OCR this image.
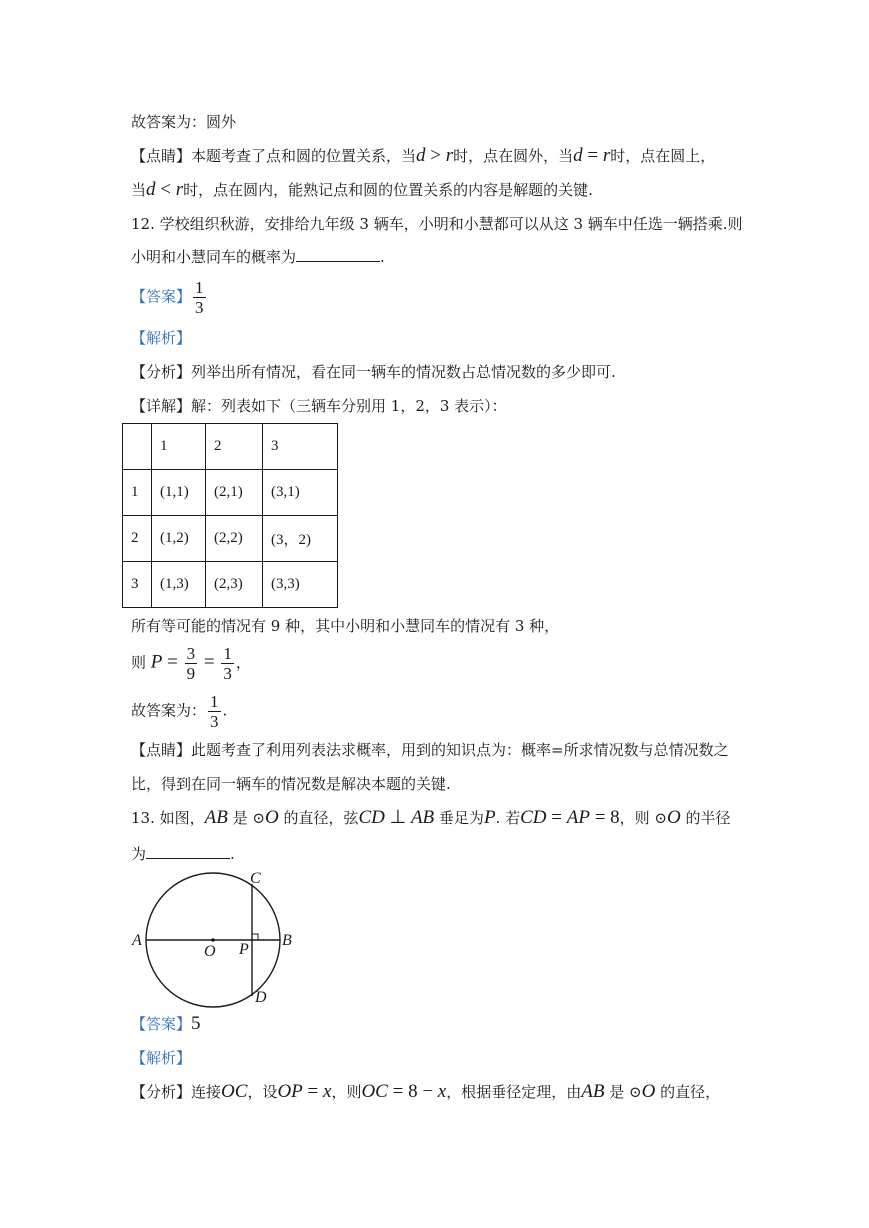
故答案为：圆外
【点睛】本题考查了点和圆的位置关系，当d > r时，点在圆外，当d = r时，点在圆上，
当d < r时，点在圆内，能熟记点和圆的位置关系的内容是解题的关键.
12. 学校组织秋游，安排给九年级 3 辆车，小明和小慧都可以从这 3 辆车中任选一辆搭乘.则
小明和小慧同车的概率为	.
【答案】 $\frac{1}{3}$
【解析】
【分析】列举出所有情况，看在同一辆车的情况数占总情况数的多少即可.
【详解】解：列表如下（三辆车分别用 1，2，3 表示）：
	1	2	3
1	(1,1)	(2,1)	(3,1)
2	(1,2)	(2,2)	(3，2)
3	(1,3)	(2,3)	(3,3)
所有等可能的情况有 9 种，其中小明和小慧同车的情况有 3 种，
则 $P = \frac{3}{9} = \frac{1}{3}$ ，
故答案为： $\frac{1}{3}$ .
【点睛】此题考查了利用列表法求概率，用到的知识点为：概率=所求情况数与总情况数之
比，得到在同一辆车的情况数是解决本题的关键.
13. 如图，AB 是 ⊙O 的直径，弦CD ⊥ AB 垂足为P. 若CD = AP = 8，则 ⊙O 的半径
为	.
A	B
C
D
O P
【答案】5
【解析】
【分析】连接OC，设OP = x，则OC = 8 − x，根据垂径定理，由AB 是 ⊙O 的直径，
